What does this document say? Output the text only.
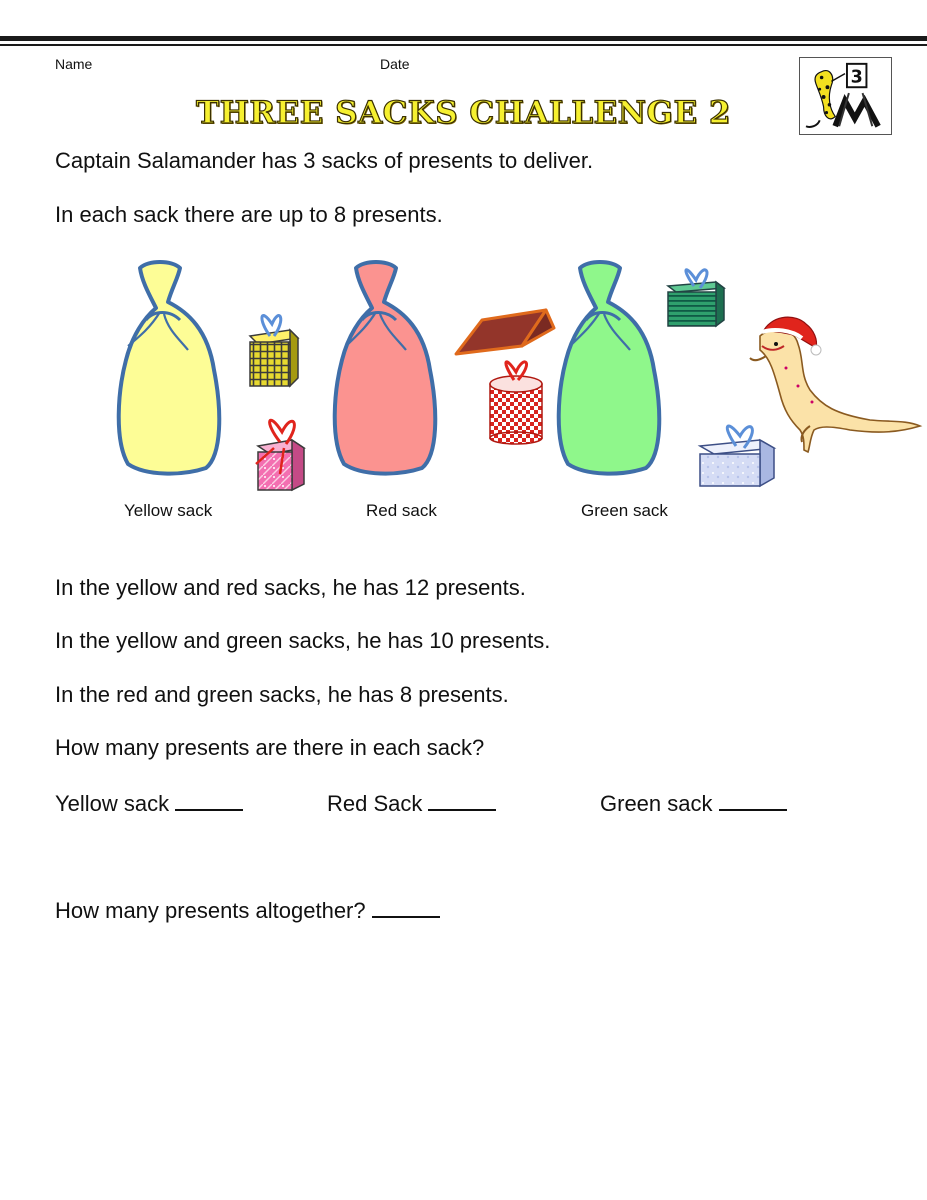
Name	Date
THREE SACKS CHALLENGE 2
3
Captain Salamander has 3 sacks of presents to deliver.
In each sack there are up to 8 presents.
Yellow sack	Red sack	Green sack
In the yellow and red sacks, he has 12 presents.
In the yellow and green sacks, he has 10 presents.
In the red and green sacks, he has 8 presents.
How many presents are there in each sack?
Yellow sack	Red Sack	Green sack
How many presents altogether?
